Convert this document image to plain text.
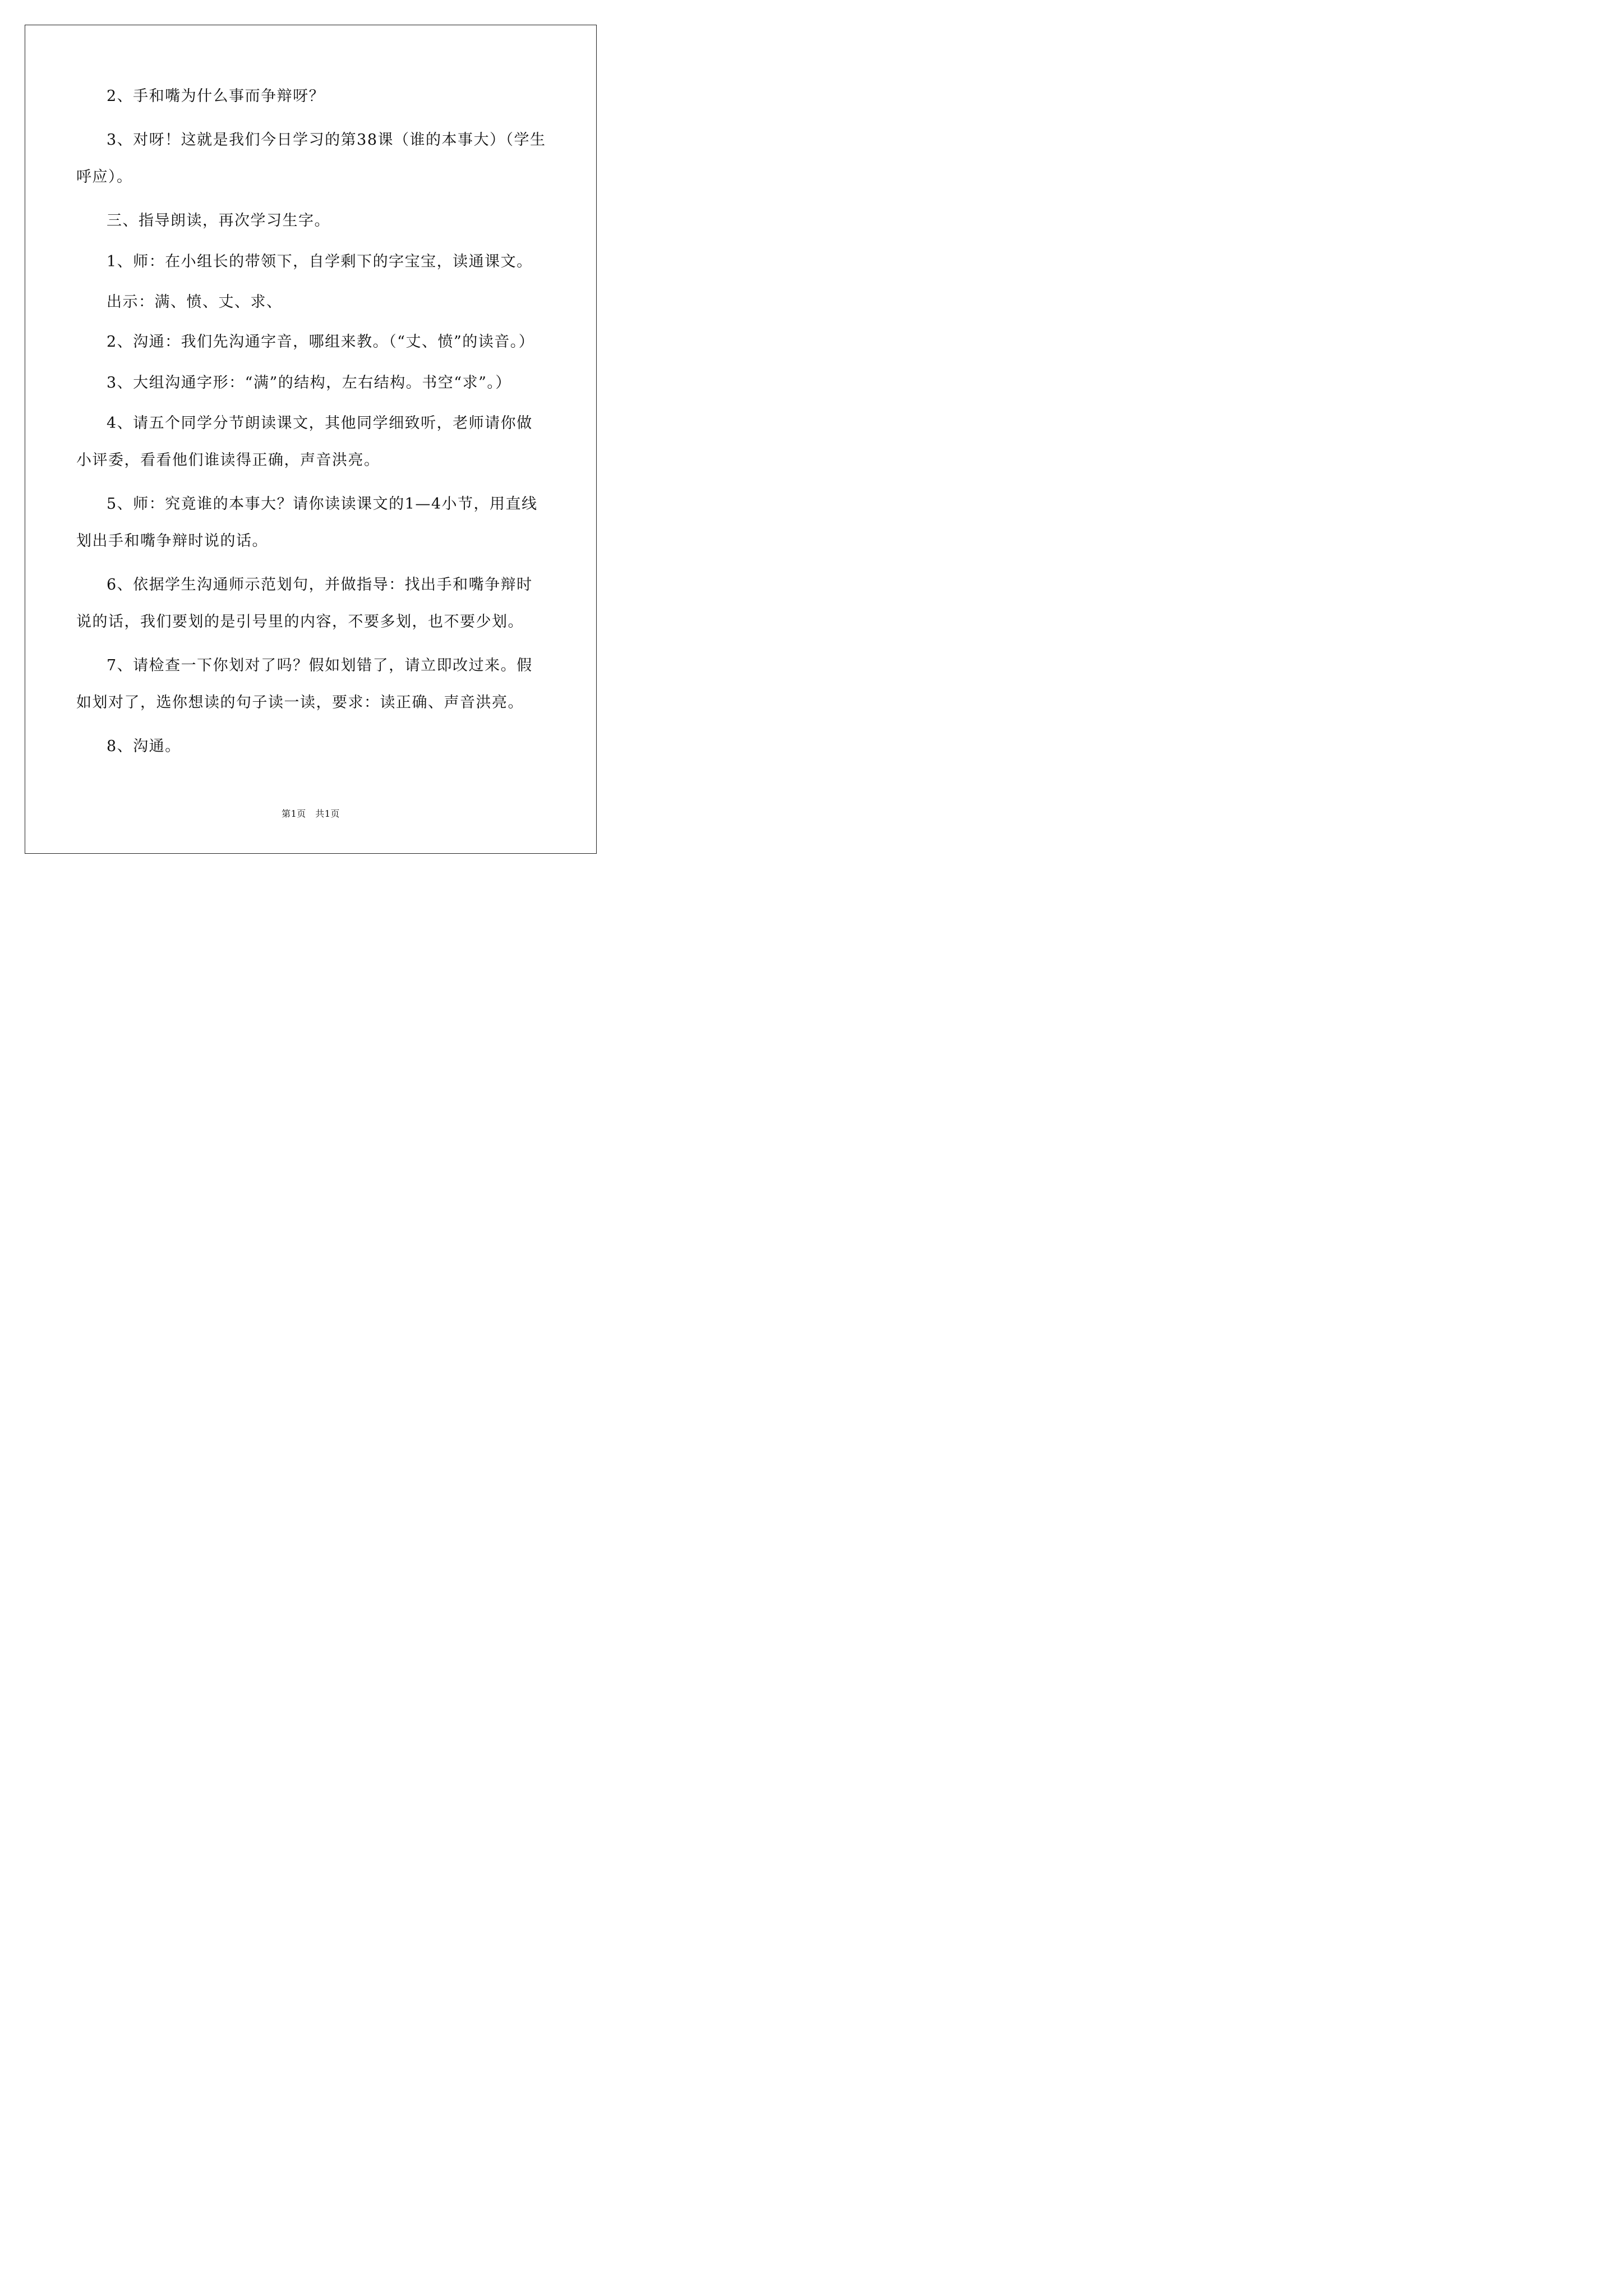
2、手和嘴为什么事而争辩呀？

3、对呀！这就是我们今日学习的第38课（谁的本事大）（学生呼应）。

三、指导朗读，再次学习生字。

1、师：在小组长的带领下，自学剩下的字宝宝，读通课文。

出示：满、愤、丈、求、

2、沟通：我们先沟通字音，哪组来教。（“丈、愤”的读音。）

3、大组沟通字形：“满”的结构，左右结构。书空“求”。）

4、请五个同学分节朗读课文，其他同学细致听，老师请你做小评委，看看他们谁读得正确，声音洪亮。

5、师：究竟谁的本事大？请你读读课文的1—4小节，用直线划出手和嘴争辩时说的话。

6、依据学生沟通师示范划句，并做指导：找出手和嘴争辩时说的话，我们要划的是引号里的内容，不要多划，也不要少划。

7、请检查一下你划对了吗？假如划错了，请立即改过来。假如划对了，选你想读的句子读一读，要求：读正确、声音洪亮。

8、沟通。

第1页　共1页
